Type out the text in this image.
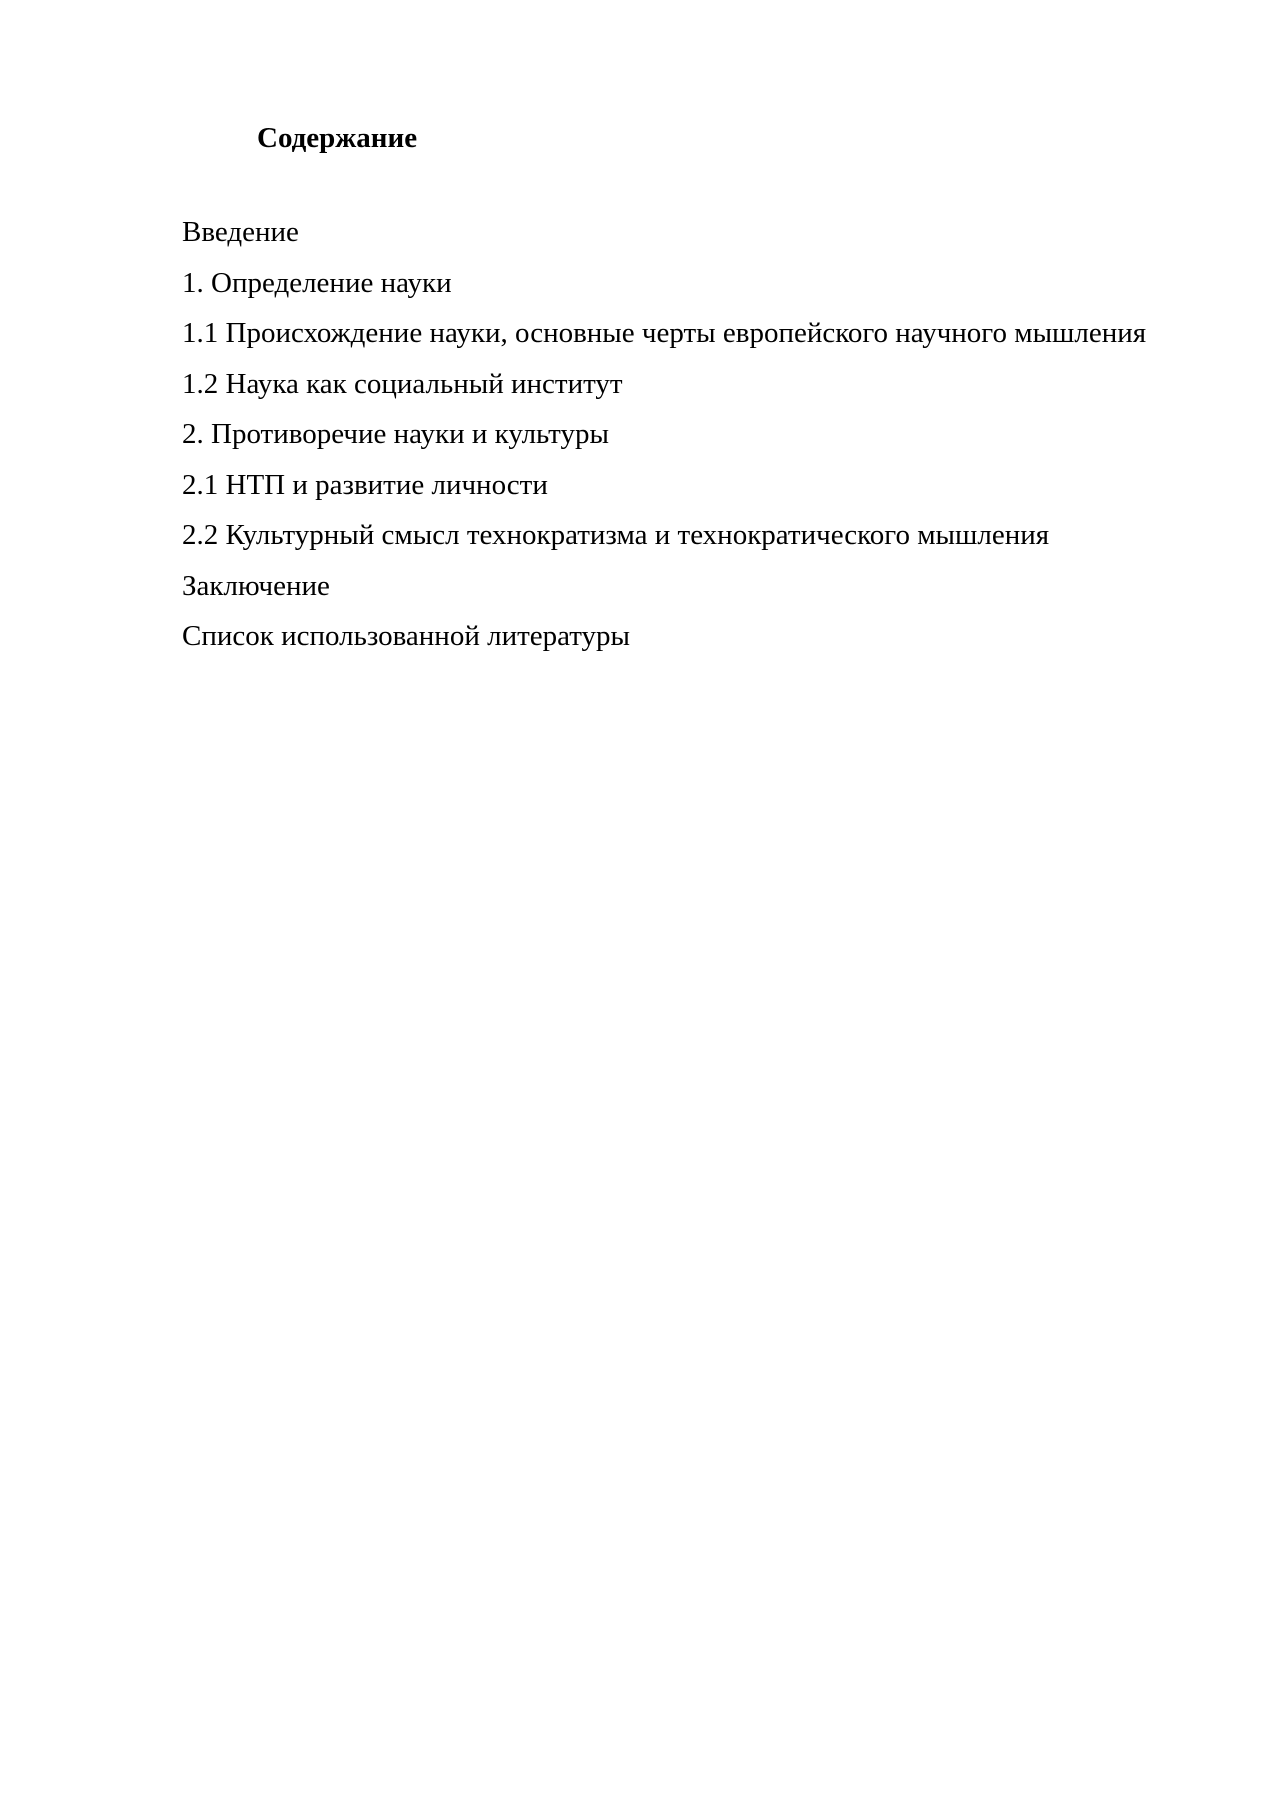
Содержание
Введение
1. Определение науки
1.1 Происхождение науки, основные черты европейского научного мышления
1.2 Наука как социальный институт
2. Противоречие науки и культуры
2.1 НТП и развитие личности
2.2 Культурный смысл технократизма и технократического мышления
Заключение
Список использованной литературы
